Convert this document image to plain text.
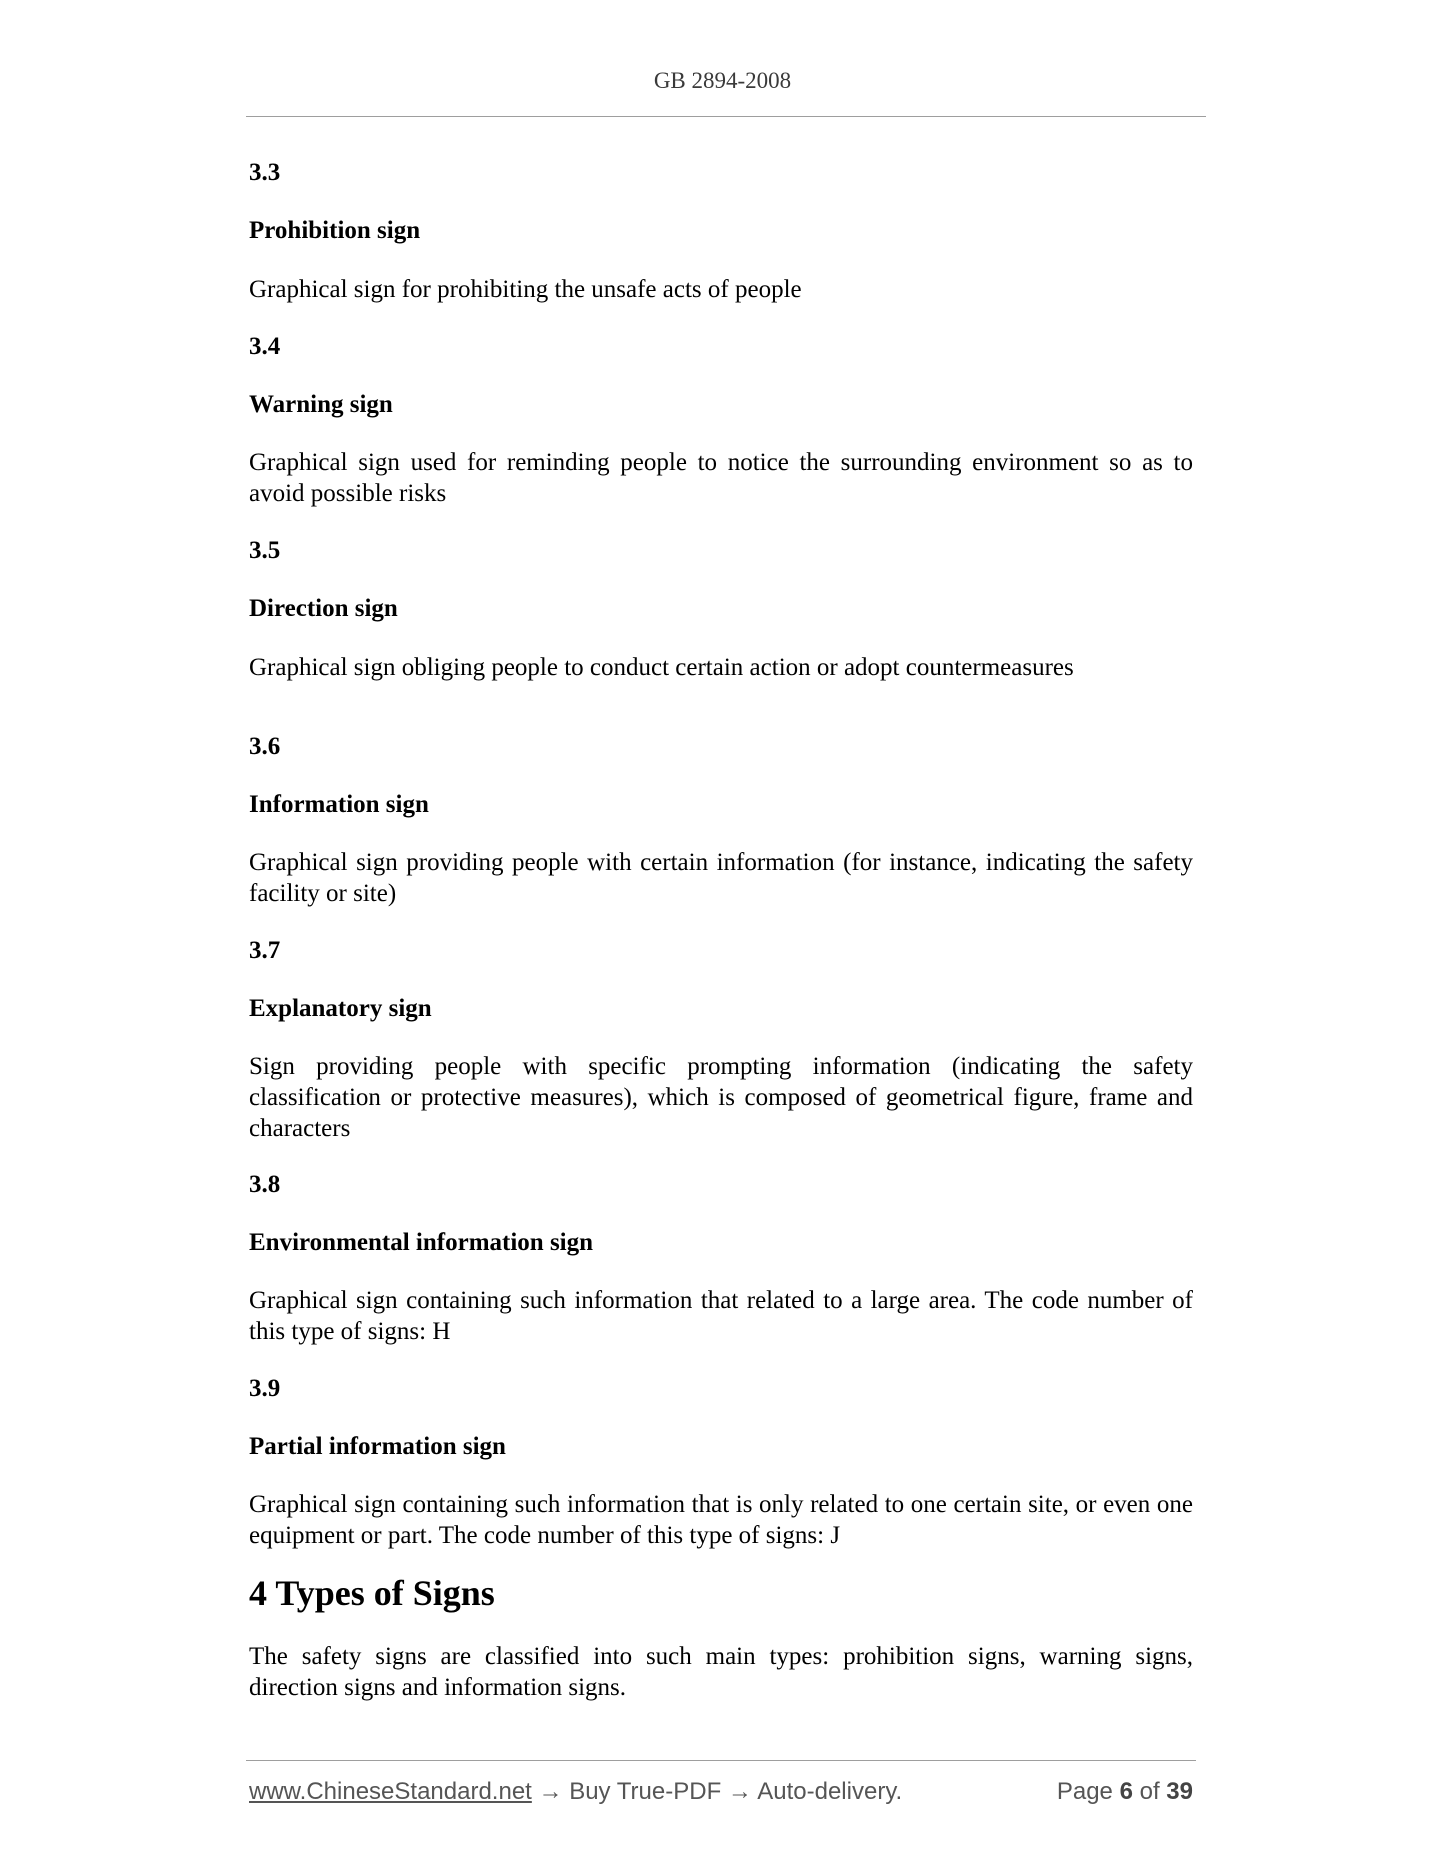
GB 2894-2008

3.3

Prohibition sign

Graphical sign for prohibiting the unsafe acts of people

3.4

Warning sign

Graphical sign used for reminding people to notice the surrounding environment so as to avoid possible risks

3.5

Direction sign

Graphical sign obliging people to conduct certain action or adopt countermeasures

3.6

Information sign

Graphical sign providing people with certain information (for instance, indicating the safety facility or site)

3.7

Explanatory sign

Sign providing people with specific prompting information (indicating the safety classification or protective measures), which is composed of geometrical figure, frame and characters

3.8

Environmental information sign

Graphical sign containing such information that related to a large area. The code number of this type of signs: H

3.9

Partial information sign

Graphical sign containing such information that is only related to one certain site, or even one equipment or part. The code number of this type of signs: J

4 Types of Signs

The safety signs are classified into such main types: prohibition signs, warning signs, direction signs and information signs.

www.ChineseStandard.net → Buy True-PDF → Auto-delivery.	Page 6 of 39
